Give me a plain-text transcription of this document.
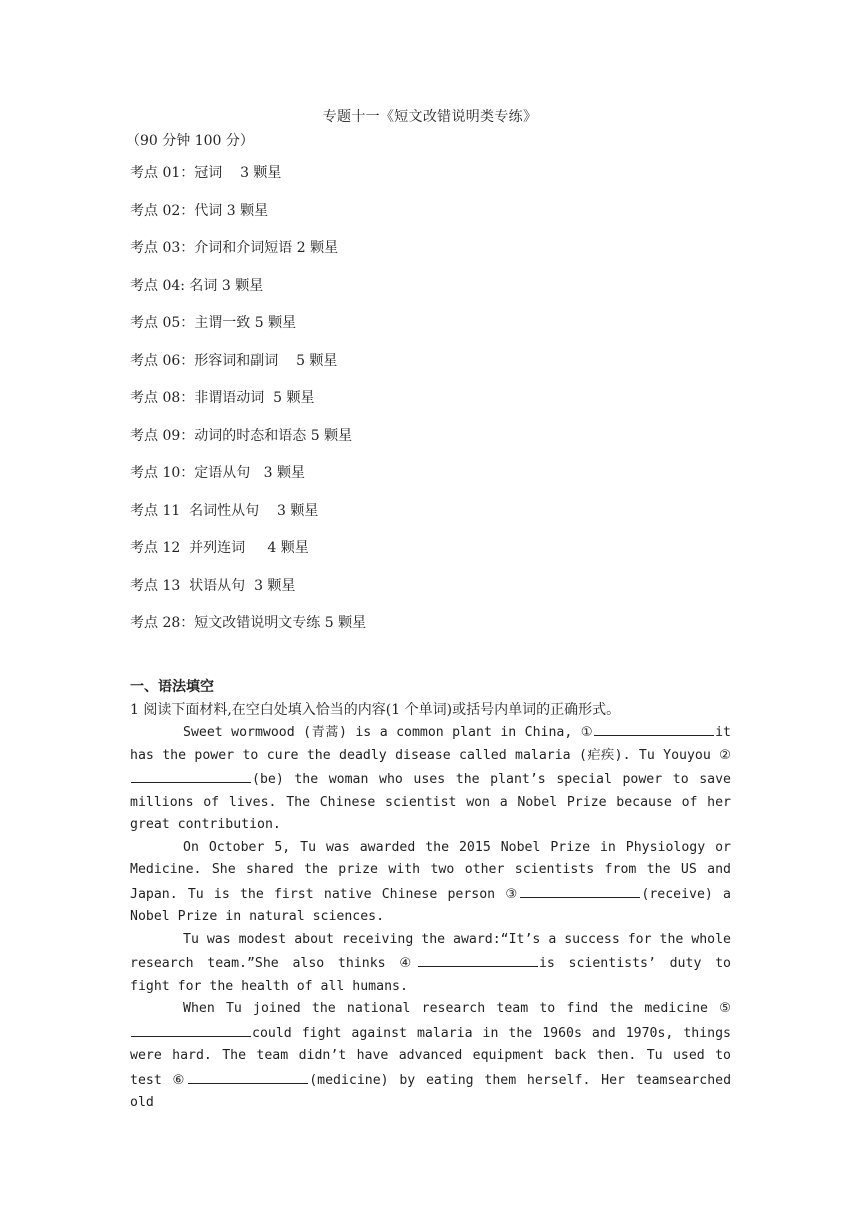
专题十一《短文改错说明类专练》
（90 分钟 100 分）
考点 01：冠词    3 颗星
考点 02：代词 3 颗星
考点 03：介词和介词短语 2 颗星
考点 04: 名词 3 颗星
考点 05：主谓一致 5 颗星
考点 06：形容词和副词    5 颗星
考点 08：非谓语动词  5 颗星
考点 09：动词的时态和语态 5 颗星
考点 10：定语从句   3 颗星
考点 11  名词性从句    3 颗星
考点 12  并列连词     4 颗星
考点 13  状语从句  3 颗星
考点 28：短文改错说明文专练 5 颗星
一、语法填空
1 阅读下面材料,在空白处填入恰当的内容(1 个单词)或括号内单词的正确形式。

Sweet wormwood (青蒿) is a common plant in China, ①	it has the power to cure the deadly disease called malaria (疟疾). Tu Youyou ②(be) the woman who uses the plant’s special power to save millions of lives. The Chinese scientist won a Nobel Prize because of her great contribution.

On October 5, Tu was awarded the 2015 Nobel Prize in Physiology or Medicine. She shared the prize with two other scientists from the US and Japan. Tu is the first native Chinese person ③	(receive) a Nobel Prize in natural sciences.

Tu was modest about receiving the award:“It’s a success for the whole research team.”She also thinks ④	is scientists’ duty to fight for the health of all humans.

When Tu joined the national research team to find the medicine ⑤could fight against malaria in the 1960s and 1970s, things were hard. The team didn’t have advanced equipment back then. Tu used to test ⑥	(medicine) by eating them herself. Her teamsearched old
